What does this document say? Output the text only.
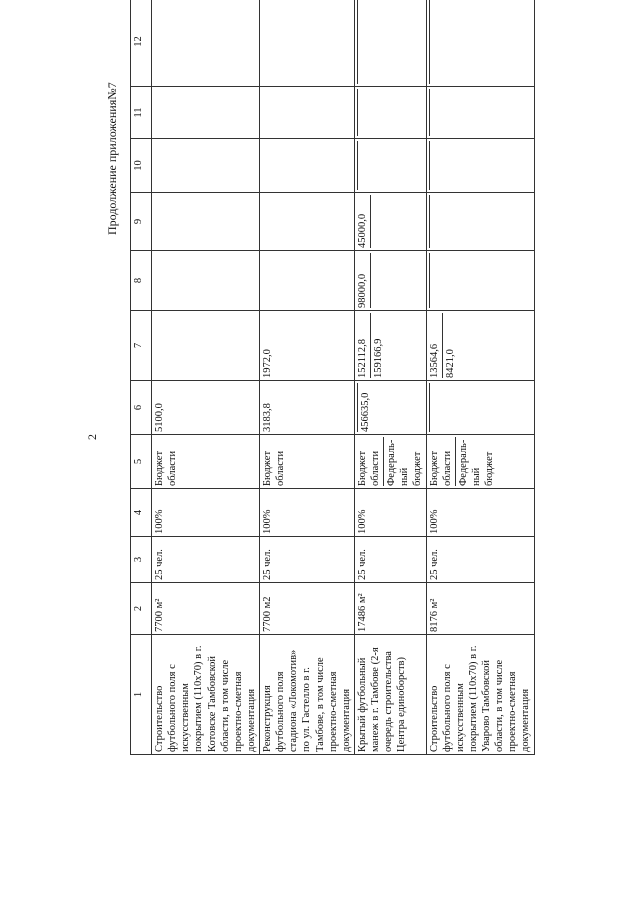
2
Продолжение приложения№7
1	2	3	4	5	6	7	8	9	10	11	12
Строительство футбольного поля с искусственным покрытием (110x70) в г. Котовске Тамбовской области, в том числе проектно-сметная документация	7700 м²	25 чел.	100%	Бюджет области	5100,0						

Реконструкция футбольного поля стадиона «Локомотив» по ул. Гастелло в г. Тамбове, в том числе проектно-сметная документация	7700 м2	25 чел.	100%	Бюджет области	3183,8	1972,0					

Крытый футбольный манеж в г. Тамбове (2-я очередь строительства Центра единоборств)	17486 м²	25 чел.	100%	Бюджет области Федераль-ный бюджет	456635,0	152112,8 159166,9	98000,0	45000,0			

Строительство футбольного поля с искусственным покрытием (110x70) в г. Уварово Тамбовской области, в том числе проектно-сметная документация	8176 м²	25 чел.	100%	Бюджет области Федераль-ный бюджет		13564,6 8421,0					
